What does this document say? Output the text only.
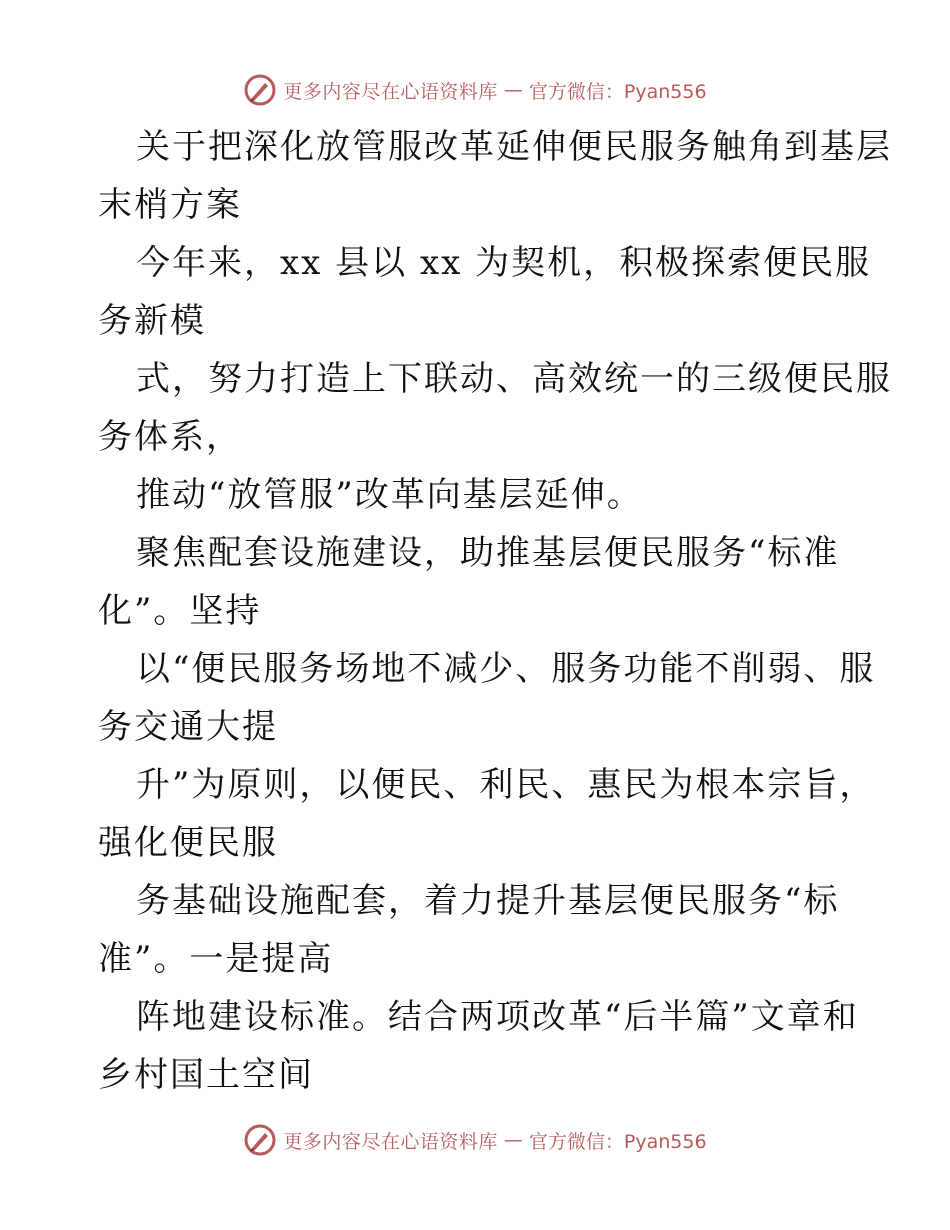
更多内容尽在心语资料库 — 官方微信：Pyan556
关于把深化放管服改革延伸便民服务触角到基层
末梢方案
今年来，xx 县以 xx 为契机，积极探索便民服
务新模
式，努力打造上下联动、高效统一的三级便民服
务体系，
推动“放管服”改革向基层延伸。
聚焦配套设施建设，助推基层便民服务“标准
化”。坚持
以“便民服务场地不减少、服务功能不削弱、服
务交通大提
升”为原则，以便民、利民、惠民为根本宗旨，
强化便民服
务基础设施配套，着力提升基层便民服务“标
准”。一是提高
阵地建设标准。结合两项改革“后半篇”文章和
乡村国土空间
更多内容尽在心语资料库 — 官方微信：Pyan556
